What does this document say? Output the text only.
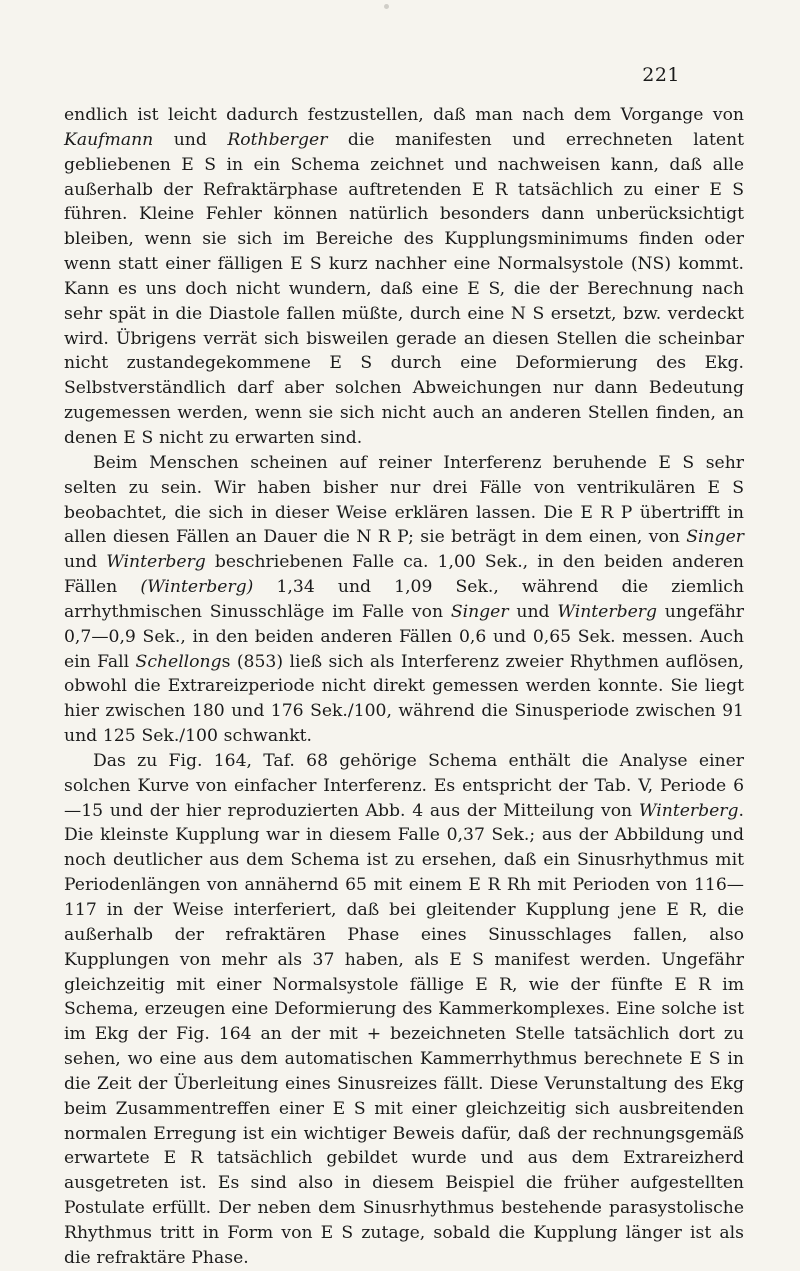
221

endlich ist leicht dadurch festzustellen, daß man nach dem Vorgange von Kaufmann und Rothberger die manifesten und errechneten latent gebliebenen E S in ein Schema zeichnet und nachweisen kann, daß alle außerhalb der Refraktärphase auftretenden E R tatsächlich zu einer E S führen. Kleine Fehler können natürlich besonders dann unberücksichtigt bleiben, wenn sie sich im Bereiche des Kupplungsminimums finden oder wenn statt einer fälligen E S kurz nachher eine Normalsystole (NS) kommt. Kann es uns doch nicht wundern, daß eine E S, die der Berechnung nach sehr spät in die Diastole fallen müßte, durch eine N S ersetzt, bzw. verdeckt wird. Übrigens verrät sich bisweilen gerade an diesen Stellen die scheinbar nicht zustandegekommene E S durch eine Deformierung des Ekg. Selbstverständlich darf aber solchen Abweichungen nur dann Bedeutung zugemessen werden, wenn sie sich nicht auch an anderen Stellen finden, an denen E S nicht zu erwarten sind.

Beim Menschen scheinen auf reiner Interferenz beruhende E S sehr selten zu sein. Wir haben bisher nur drei Fälle von ventrikulären E S beobachtet, die sich in dieser Weise erklären lassen. Die E R P übertrifft in allen diesen Fällen an Dauer die N R P; sie beträgt in dem einen, von Singer und Winterberg beschriebenen Falle ca. 1,00 Sek., in den beiden anderen Fällen (Winterberg) 1,34 und 1,09 Sek., während die ziemlich arrhythmischen Sinusschläge im Falle von Singer und Winterberg ungefähr 0,7—0,9 Sek., in den beiden anderen Fällen 0,6 und 0,65 Sek. messen. Auch ein Fall Schellongs (853) ließ sich als Interferenz zweier Rhythmen auflösen, obwohl die Extrareizperiode nicht direkt gemessen werden konnte. Sie liegt hier zwischen 180 und 176 Sek./100, während die Sinusperiode zwischen 91 und 125 Sek./100 schwankt.

Das zu Fig. 164, Taf. 68 gehörige Schema enthält die Analyse einer solchen Kurve von einfacher Interferenz. Es entspricht der Tab. V, Periode 6—15 und der hier reproduzierten Abb. 4 aus der Mitteilung von Winterberg. Die kleinste Kupplung war in diesem Falle 0,37 Sek.; aus der Abbildung und noch deutlicher aus dem Schema ist zu ersehen, daß ein Sinusrhythmus mit Periodenlängen von annähernd 65 mit einem E R Rh mit Perioden von 116—117 in der Weise interferiert, daß bei gleitender Kupplung jene E R, die außerhalb der refraktären Phase eines Sinusschlages fallen, also Kupplungen von mehr als 37 haben, als E S manifest werden. Ungefähr gleichzeitig mit einer Normalsystole fällige E R, wie der fünfte E R im Schema, erzeugen eine Deformierung des Kammerkomplexes. Eine solche ist im Ekg der Fig. 164 an der mit + bezeichneten Stelle tatsächlich dort zu sehen, wo eine aus dem automatischen Kammerrhythmus berechnete E S in die Zeit der Überleitung eines Sinusreizes fällt. Diese Verunstaltung des Ekg beim Zusammentreffen einer E S mit einer gleichzeitig sich ausbreitenden normalen Erregung ist ein wichtiger Beweis dafür, daß der rechnungsgemäß erwartete E R tatsächlich gebildet wurde und aus dem Extrareizherd ausgetreten ist. Es sind also in diesem Beispiel die früher aufgestellten Postulate erfüllt. Der neben dem Sinusrhythmus bestehende parasystolische Rhythmus tritt in Form von E S zutage, sobald die Kupplung länger ist als die refraktäre Phase.
